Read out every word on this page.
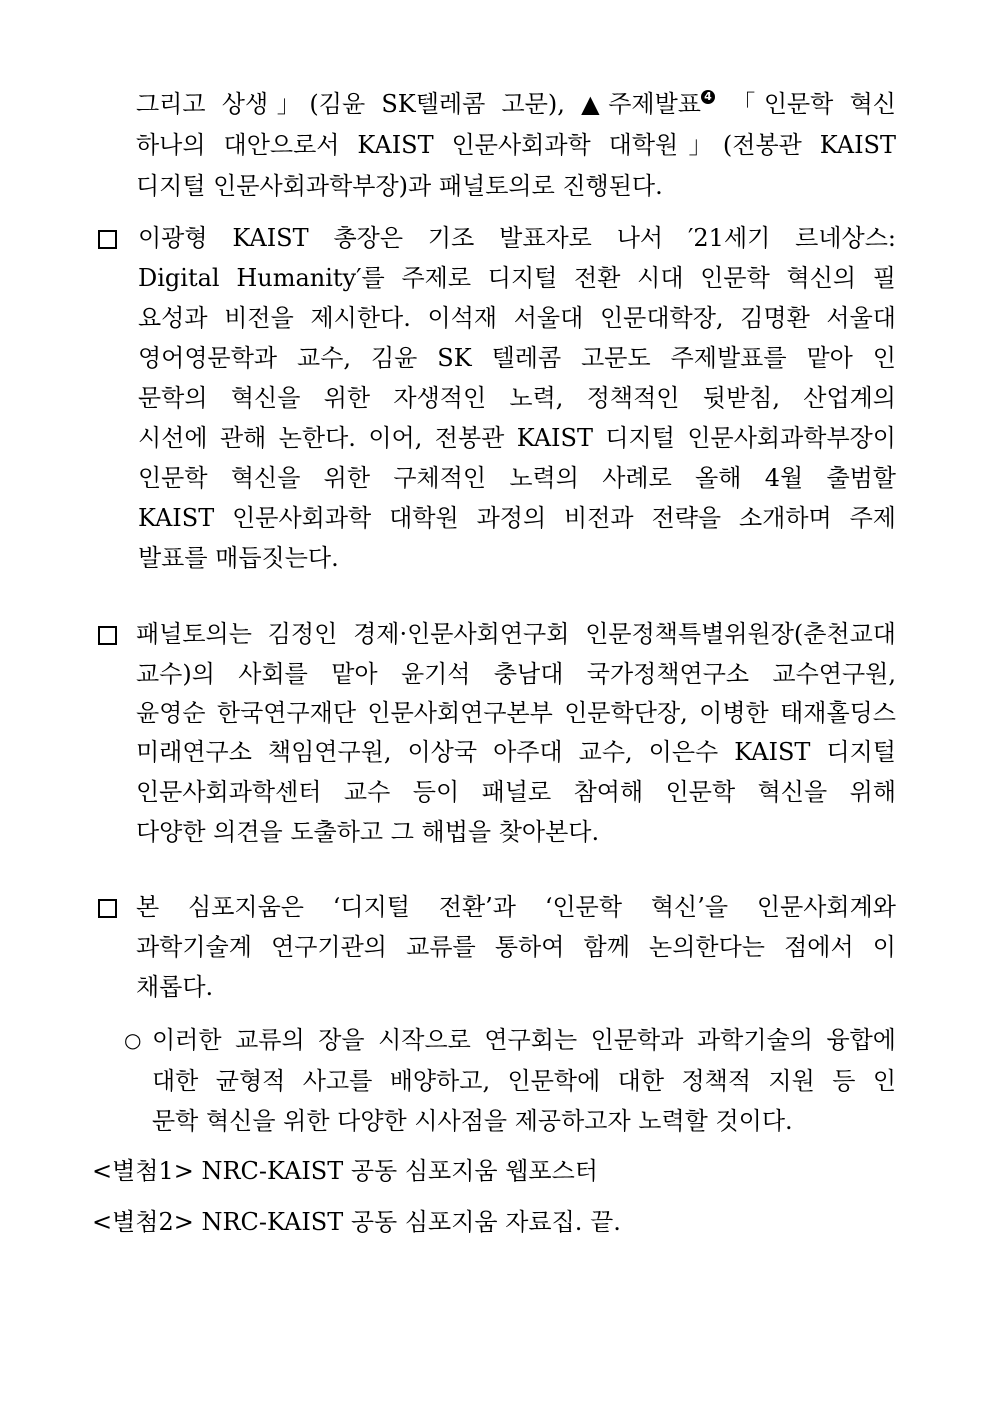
그리고 상생」(김윤 SK텔레콤 고문), ▲주제발표 4 「인문학 혁신
하나의 대안으로서 KAIST 인문사회과학 대학원」(전봉관 KAIST
디지털 인문사회과학부장)과 패널토의로 진행된다.
이광형 KAIST 총장은 기조 발표자로 나서 ′21세기 르네상스:
Digital Humanity′를 주제로 디지털 전환 시대 인문학 혁신의 필
요성과 비전을 제시한다. 이석재 서울대 인문대학장, 김명환 서울대
영어영문학과 교수, 김윤 SK 텔레콤 고문도 주제발표를 맡아 인
문학의 혁신을 위한 자생적인 노력, 정책적인 뒷받침, 산업계의
시선에 관해 논한다. 이어, 전봉관 KAIST 디지털 인문사회과학부장이
인문학 혁신을 위한 구체적인 노력의 사례로 올해 4월 출범할
KAIST 인문사회과학 대학원 과정의 비전과 전략을 소개하며 주제
발표를 매듭짓는다.
패널토의는 김정인 경제·인문사회연구회 인문정책특별위원장(춘천교대
교수)의 사회를 맡아 윤기석 충남대 국가정책연구소 교수연구원,
윤영순 한국연구재단 인문사회연구본부 인문학단장, 이병한 태재홀딩스
미래연구소 책임연구원, 이상국 아주대 교수, 이은수 KAIST 디지털
인문사회과학센터 교수 등이 패널로 참여해 인문학 혁신을 위해
다양한 의견을 도출하고 그 해법을 찾아본다.
본 심포지움은 ‘디지털 전환’과 ‘인문학 혁신’을 인문사회계와
과학기술계 연구기관의 교류를 통하여 함께 논의한다는 점에서 이
채롭다.
○ 이러한 교류의 장을 시작으로 연구회는 인문학과 과학기술의 융합에
대한 균형적 사고를 배양하고, 인문학에 대한 정책적 지원 등 인
문학 혁신을 위한 다양한 시사점을 제공하고자 노력할 것이다.
<별첨1> NRC-KAIST 공동 심포지움 웹포스터
<별첨2> NRC-KAIST 공동 심포지움 자료집. 끝.
